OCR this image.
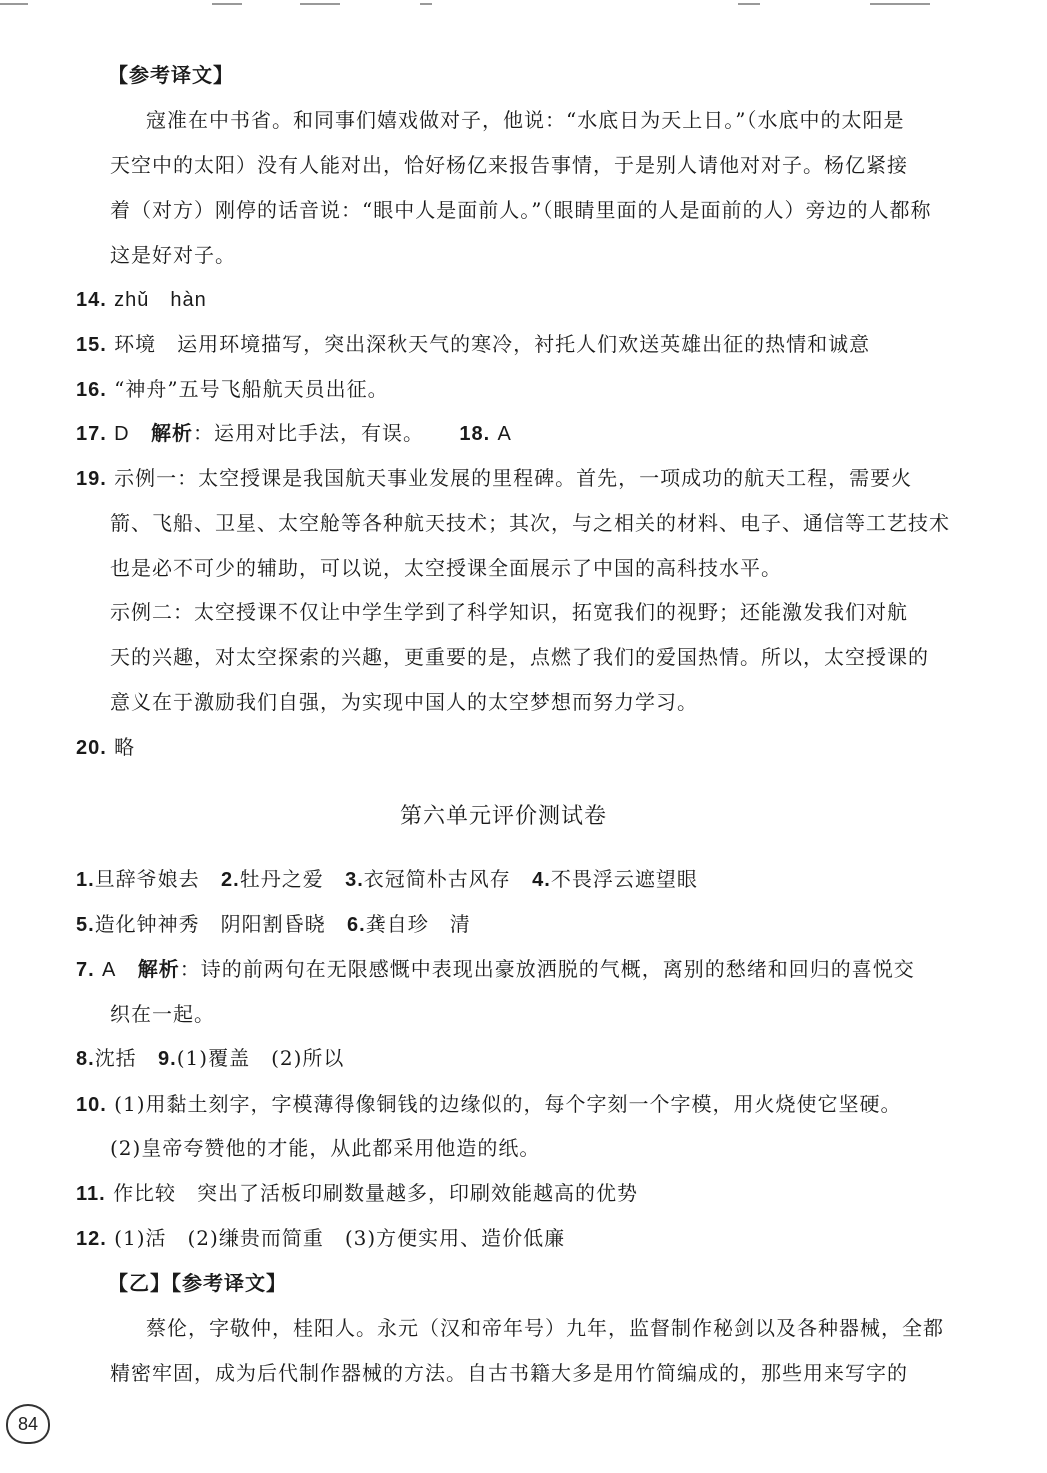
【参考译文】
寇准在中书省。和同事们嬉戏做对子，他说：“水底日为天上日。”（水底中的太阳是
天空中的太阳）没有人能对出，恰好杨亿来报告事情，于是别人请他对对子。杨亿紧接
着（对方）刚停的话音说：“眼中人是面前人。”（眼睛里面的人是面前的人）旁边的人都称
这是好对子。
14. zhǔ　hàn
15. 环境　运用环境描写，突出深秋天气的寒冷，衬托人们欢送英雄出征的热情和诚意
16. “神舟”五号飞船航天员出征。
17. D 解析：运用对比手法，有误。 18. A
19. 示例一：太空授课是我国航天事业发展的里程碑。首先，一项成功的航天工程，需要火
箭、飞船、卫星、太空舱等各种航天技术；其次，与之相关的材料、电子、通信等工艺技术
也是必不可少的辅助，可以说，太空授课全面展示了中国的高科技水平。
示例二：太空授课不仅让中学生学到了科学知识，拓宽我们的视野；还能激发我们对航
天的兴趣，对太空探索的兴趣，更重要的是，点燃了我们的爱国热情。所以，太空授课的
意义在于激励我们自强，为实现中国人的太空梦想而努力学习。
20. 略
第六单元评价测试卷
1.旦辞爷娘去 2.牡丹之爱 3.衣冠简朴古风存 4.不畏浮云遮望眼
5.造化钟神秀　阴阳割昏晓 6.龚自珍　清
7. A 解析：诗的前两句在无限感慨中表现出豪放洒脱的气概，离别的愁绪和回归的喜悦交
织在一起。
8.沈括 9.(1)覆盖　(2)所以
10. (1)用黏土刻字，字模薄得像铜钱的边缘似的，每个字刻一个字模，用火烧使它坚硬。
(2)皇帝夸赞他的才能，从此都采用他造的纸。
11. 作比较　突出了活板印刷数量越多，印刷效能越高的优势
12. (1)活　(2)缣贵而简重　(3)方便实用、造价低廉
【乙】【参考译文】
蔡伦，字敬仲，桂阳人。永元（汉和帝年号）九年，监督制作秘剑以及各种器械，全都
精密牢固，成为后代制作器械的方法。自古书籍大多是用竹简编成的，那些用来写字的
84
